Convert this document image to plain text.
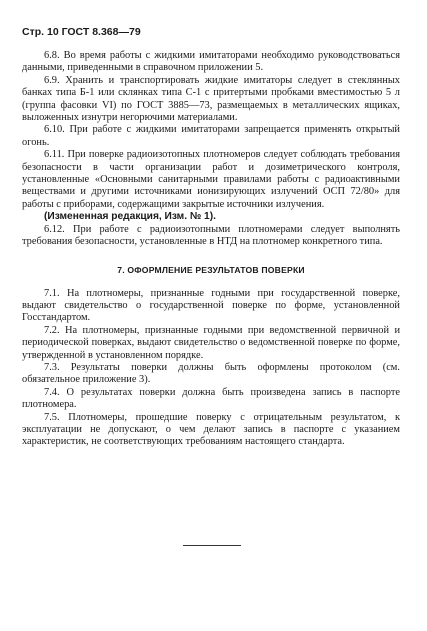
Стр. 10 ГОСТ 8.368—79

6.8. Во время работы с жидкими имитаторами необходимо руководствоваться данными, приведенными в справочном приложении 5.

6.9. Хранить и транспортировать жидкие имитаторы следует в стеклянных банках типа Б-1 или склянках типа С-1 с притертыми пробками вместимостью 5 л (группа фасовки VI) по ГОСТ 3885—73, размещаемых в металлических ящиках, выложенных изнутри негорючими материалами.

6.10. При работе с жидкими имитаторами запрещается применять открытый огонь.

6.11. При поверке радиоизотопных плотномеров следует соблюдать требования безопасности в части организации работ и дозиметрического контроля, установленные «Основными санитарными правилами работы с радиоактивными веществами и другими источниками ионизирующих излучений ОСП 72/80» для работы с приборами, содержащими закрытые источники излучения.

(Измененная редакция, Изм. № 1).

6.12. При работе с радиоизотопными плотномерами следует выполнять требования безопасности, установленные в НТД на плотномер конкретного типа.

7. ОФОРМЛЕНИЕ РЕЗУЛЬТАТОВ ПОВЕРКИ

7.1. На плотномеры, признанные годными при государственной поверке, выдают свидетельство о государственной поверке по форме, установленной Госстандартом.

7.2. На плотномеры, признанные годными при ведомственной первичной и периодической поверках, выдают свидетельство о ведомственной поверке по форме, утвержденной в установленном порядке.

7.3. Результаты поверки должны быть оформлены протоколом (см. обязательное приложение 3).

7.4. О результатах поверки должна быть произведена запись в паспорте плотномера.

7.5. Плотномеры, прошедшие поверку с отрицательным результатом, к эксплуатации не допускают, о чем делают запись в паспорте с указанием характеристик, не соответствующих требованиям настоящего стандарта.
